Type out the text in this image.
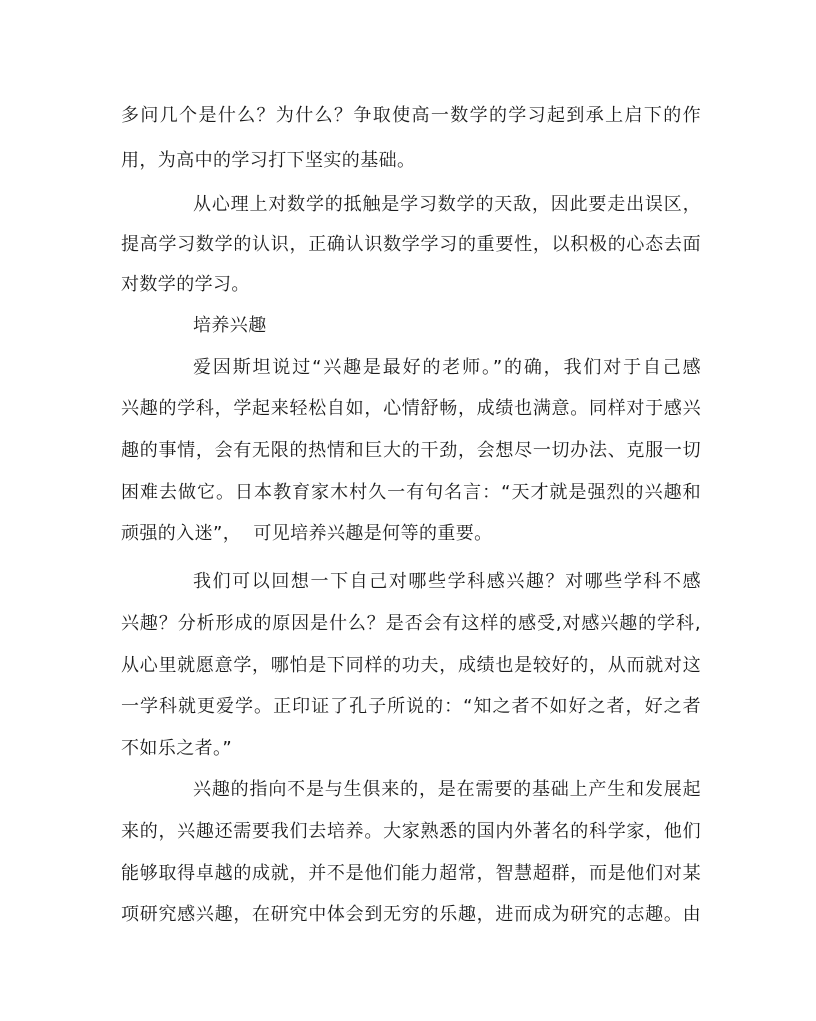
多问几个是什么？为什么？争取使高一数学的学习起到承上启下的作
用，为高中的学习打下坚实的基础。
从心理上对数学的抵触是学习数学的天敌，因此要走出误区，
提高学习数学的认识，正确认识数学学习的重要性，以积极的心态去面
对数学的学习。
培养兴趣
爱因斯坦说过“兴趣是最好的老师。”的确，我们对于自己感
兴趣的学科，学起来轻松自如，心情舒畅，成绩也满意。同样对于感兴
趣的事情，会有无限的热情和巨大的干劲，会想尽一切办法、克服一切
困难去做它。日本教育家木村久一有句名言：“天才就是强烈的兴趣和
顽强的入迷”，  可见培养兴趣是何等的重要。
我们可以回想一下自己对哪些学科感兴趣？对哪些学科不感
兴趣？分析形成的原因是什么？是否会有这样的感受,对感兴趣的学科,
从心里就愿意学，哪怕是下同样的功夫，成绩也是较好的，从而就对这
一学科就更爱学。正印证了孔子所说的：“知之者不如好之者，好之者
不如乐之者。”
兴趣的指向不是与生俱来的，是在需要的基础上产生和发展起
来的，兴趣还需要我们去培养。大家熟悉的国内外著名的科学家，他们
能够取得卓越的成就，并不是他们能力超常，智慧超群，而是他们对某
项研究感兴趣，在研究中体会到无穷的乐趣，进而成为研究的志趣。由
